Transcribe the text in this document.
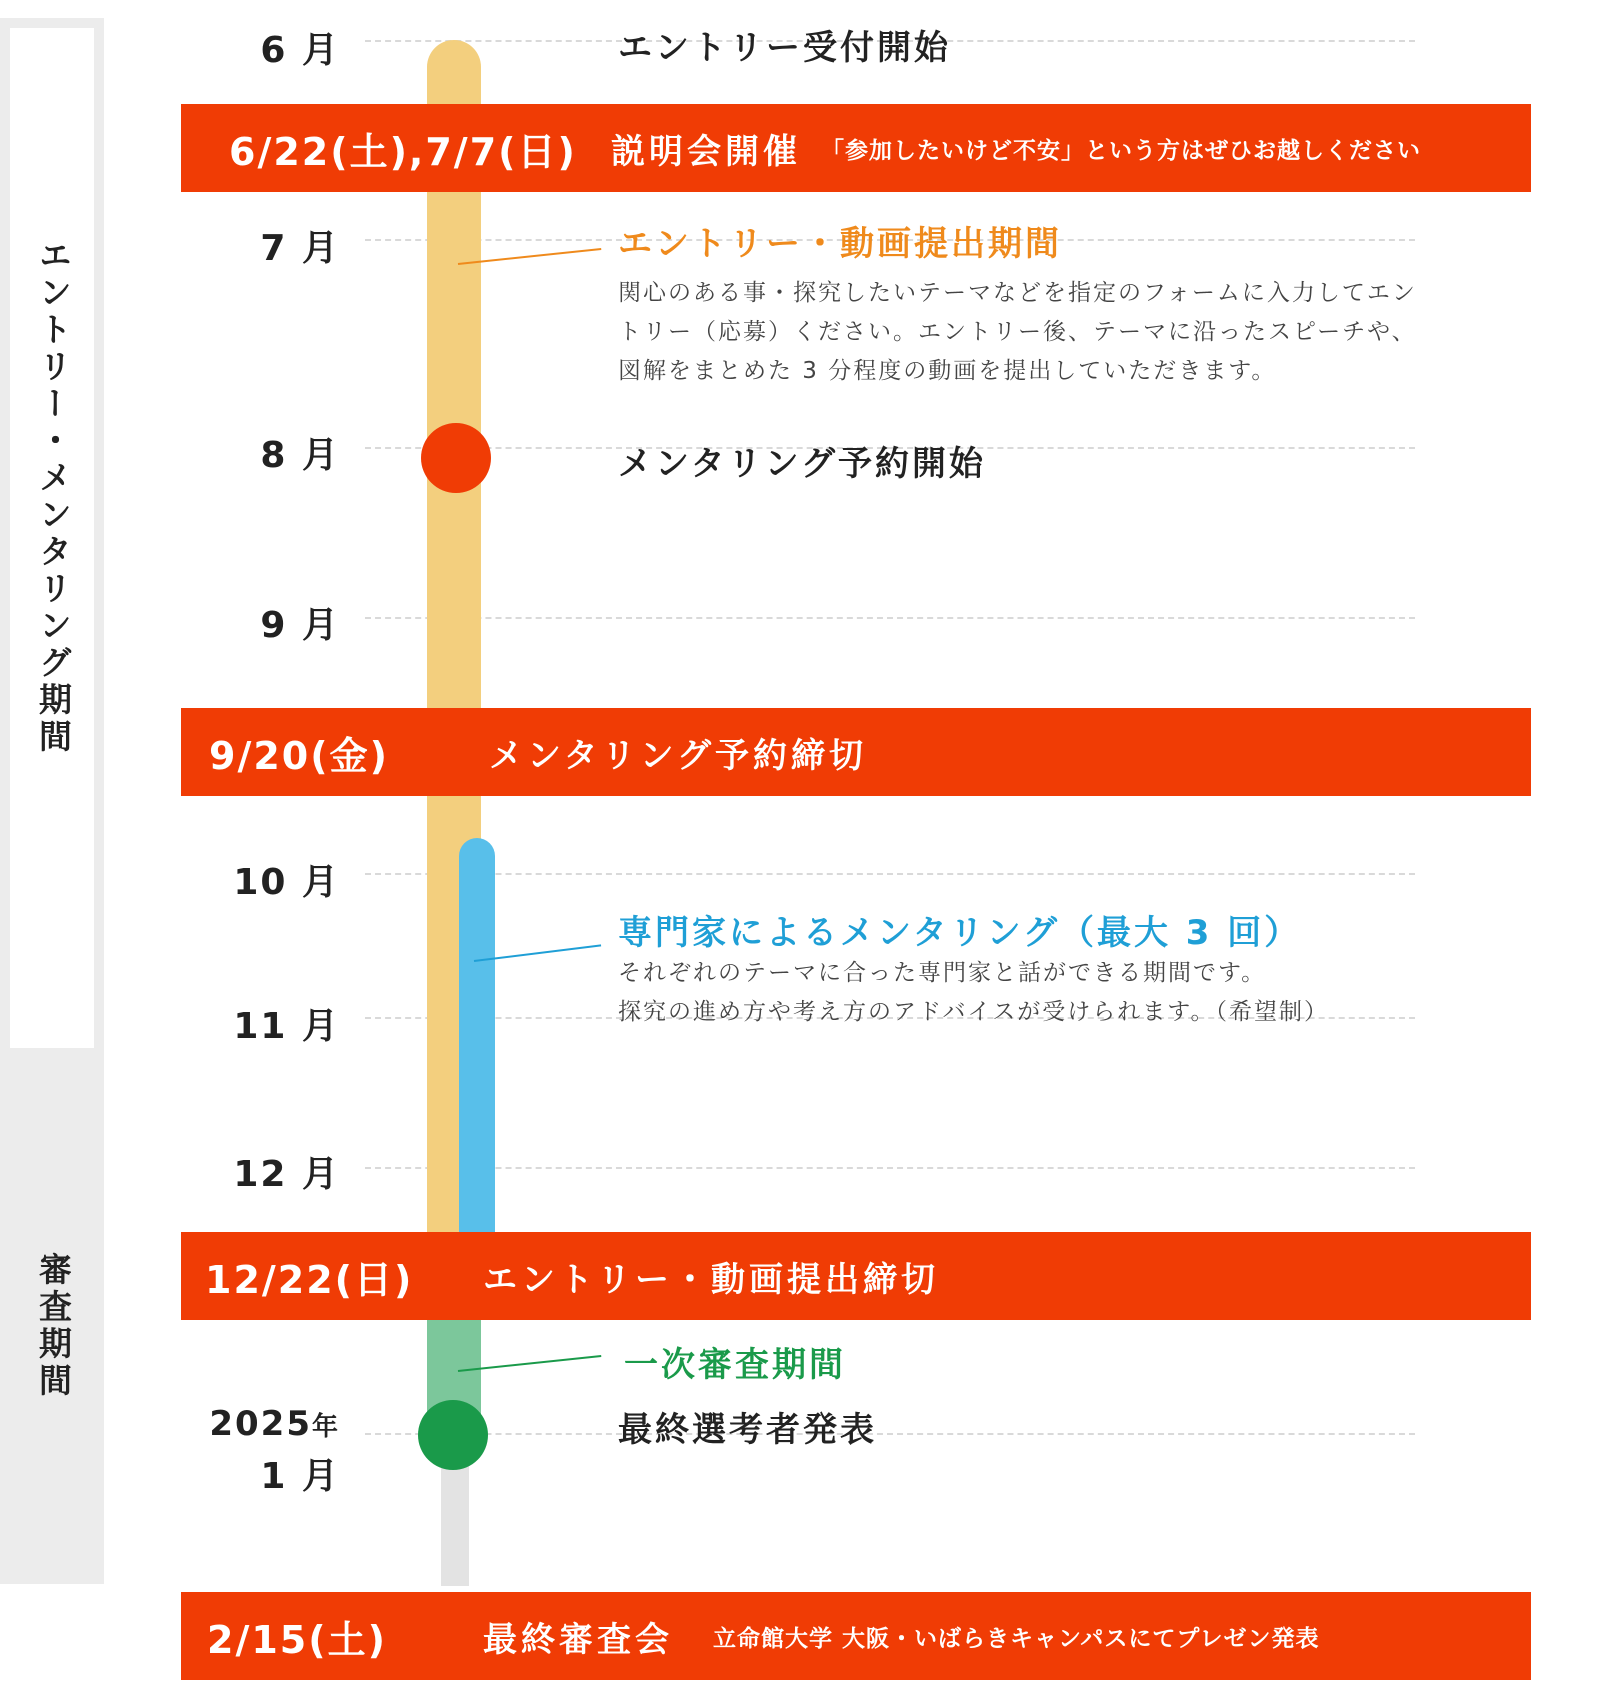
エントリー・メンタリング期間
審査期間
6 月
7 月
8 月
9 月
10 月
11 月
12 月
2025年
1 月
エントリー受付開始
エントリー・動画提出期間
関心のある事・探究したいテーマなどを指定のフォームに入力してエン
トリー（応募）ください。エントリー後、テーマに沿ったスピーチや、
図解をまとめた 3 分程度の動画を提出していただきます。
メンタリング予約開始
専門家によるメンタリング（最大 3 回）
それぞれのテーマに合った専門家と話ができる期間です。
探究の進め方や考え方のアドバイスが受けられます。（希望制）
一次審査期間
最終選考者発表
6/22(土),7/7(日)	説明会開催 「参加したいけど不安」という方はぜひお越しください
9/20(金)	メンタリング予約締切
12/22(日)	エントリー・動画提出締切
2/15(土)	最終審査会 立命館大学 大阪・いばらきキャンパスにてプレゼン発表
